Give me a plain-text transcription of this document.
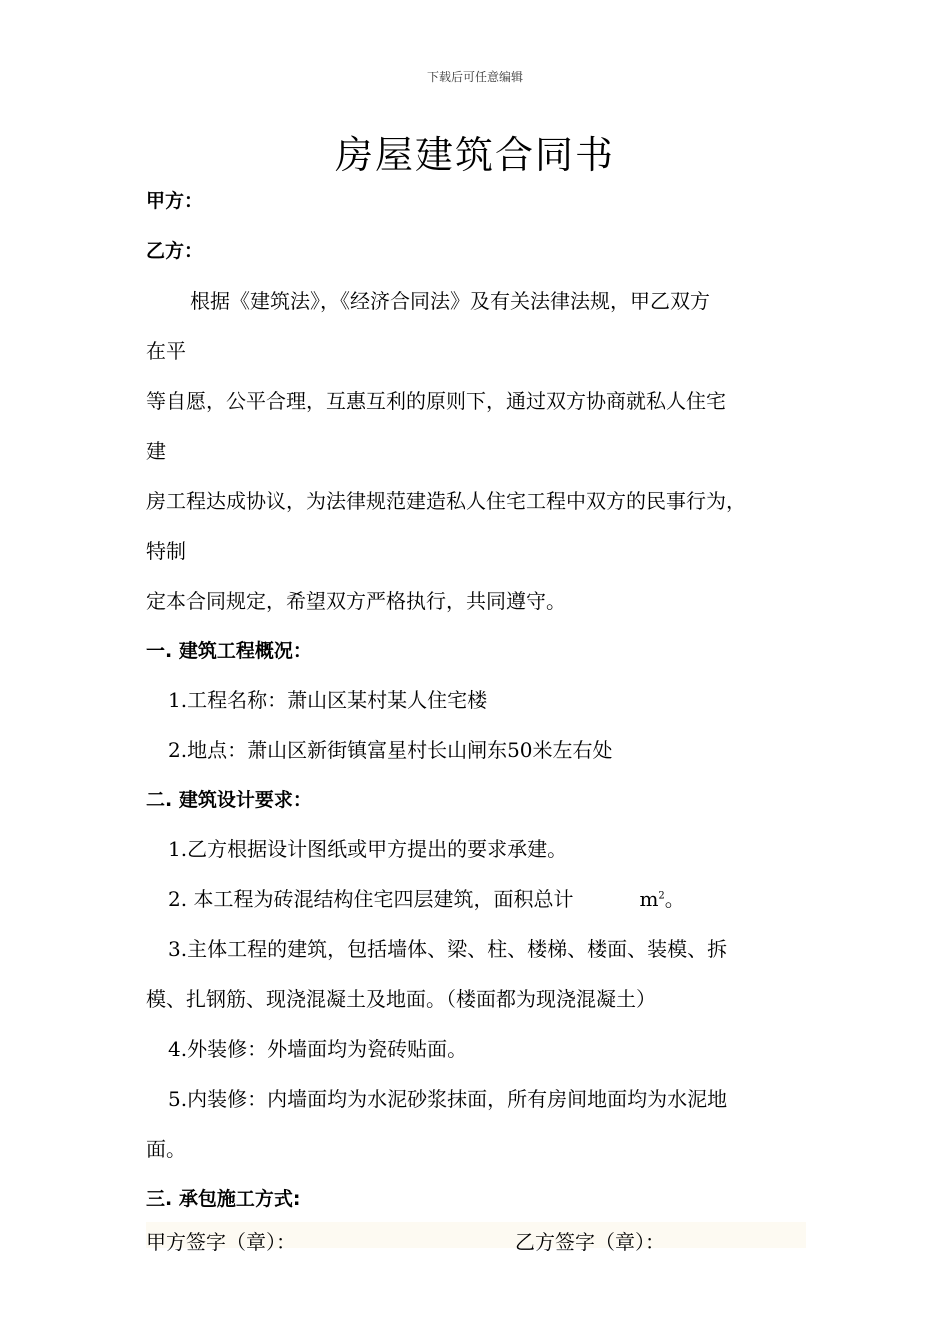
下载后可任意编辑
房屋建筑合同书
甲方：
乙方：
根据《建筑法》，《经济合同法》及有关法律法规，甲乙双方
在平
等自愿，公平合理，互惠互利的原则下，通过双方协商就私人住宅
建
房工程达成协议，为法律规范建造私人住宅工程中双方的民事行为，
特制
定本合同规定，希望双方严格执行，共同遵守。
一. 建筑工程概况：
1.工程名称：萧山区某村某人住宅楼
2.地点：萧山区新街镇富星村长山闸东50米左右处
二. 建筑设计要求：
1.乙方根据设计图纸或甲方提出的要求承建。
2. 本工程为砖混结构住宅四层建筑，面积总计	$m^2$。
3.主体工程的建筑，包括墙体、梁、柱、楼梯、楼面、装模、拆
模、扎钢筋、现浇混凝土及地面。（楼面都为现浇混凝土）
4.外装修：外墙面均为瓷砖贴面。
5.内装修：内墙面均为水泥砂浆抹面，所有房间地面均为水泥地
面。
三. 承包施工方式:
甲方签字（章）：	乙方签字（章）：
